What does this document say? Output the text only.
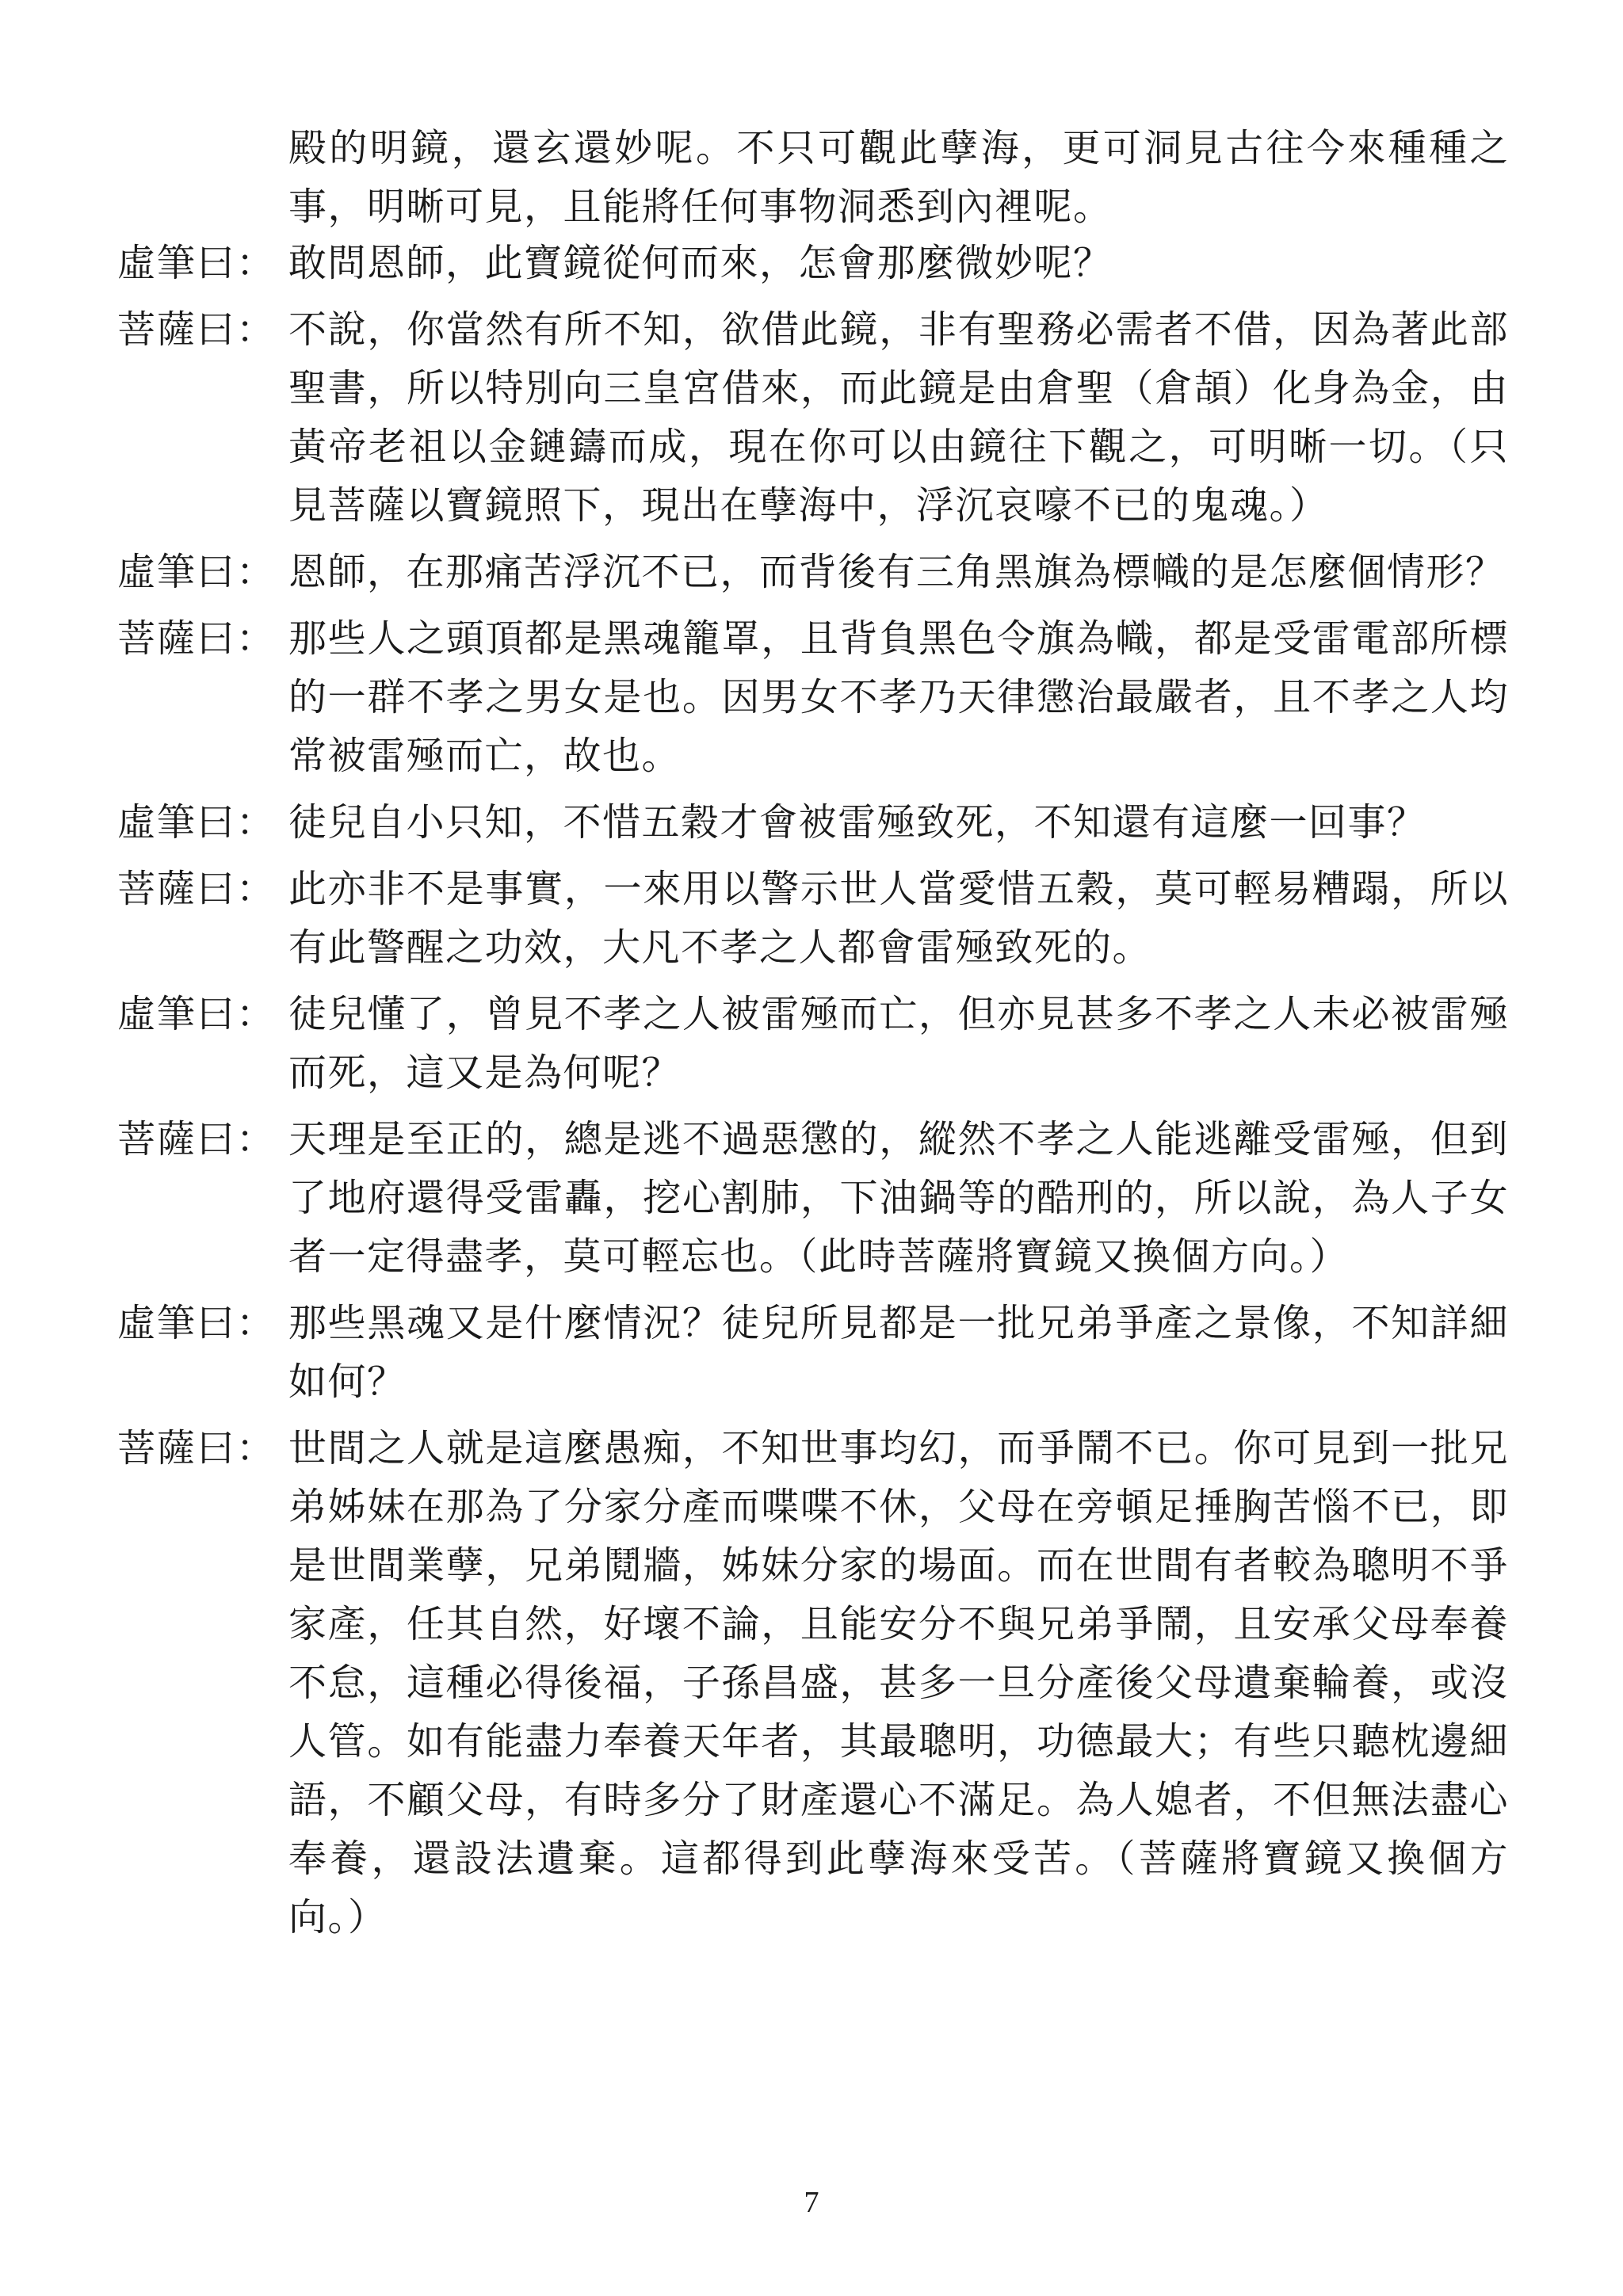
殿的明鏡，還玄還妙呢。不只可觀此孽海，更可洞見古往今來種種之事，明晰可見，且能將任何事物洞悉到內裡呢。
虛筆曰： 敢問恩師，此寶鏡從何而來，怎會那麼微妙呢？
菩薩曰： 不說，你當然有所不知，欲借此鏡，非有聖務必需者不借，因為著此部聖書，所以特別向三皇宮借來，而此鏡是由倉聖（倉頡）化身為金，由黃帝老祖以金鏈鑄而成，現在你可以由鏡往下觀之，可明晰一切。（只見菩薩以寶鏡照下，現出在孽海中，浮沉哀嚎不已的鬼魂。）
虛筆曰： 恩師，在那痛苦浮沉不已，而背後有三角黑旗為標幟的是怎麼個情形？
菩薩曰： 那些人之頭頂都是黑魂籠罩，且背負黑色令旗為幟，都是受雷電部所標的一群不孝之男女是也。因男女不孝乃天律懲治最嚴者，且不孝之人均常被雷殛而亡，故也。
虛筆曰： 徒兒自小只知，不惜五穀才會被雷殛致死，不知還有這麼一回事？
菩薩曰： 此亦非不是事實，一來用以警示世人當愛惜五穀，莫可輕易糟蹋，所以有此警醒之功效，大凡不孝之人都會雷殛致死的。
虛筆曰： 徒兒懂了，曾見不孝之人被雷殛而亡，但亦見甚多不孝之人未必被雷殛而死，這又是為何呢？
菩薩曰： 天理是至正的，總是逃不過惡懲的，縱然不孝之人能逃離受雷殛，但到了地府還得受雷轟，挖心割肺，下油鍋等的酷刑的，所以說，為人子女者一定得盡孝，莫可輕忘也。（此時菩薩將寶鏡又換個方向。）
虛筆曰： 那些黑魂又是什麼情況？徒兒所見都是一批兄弟爭產之景像，不知詳細如何？
菩薩曰： 世間之人就是這麼愚痴，不知世事均幻，而爭鬧不已。你可見到一批兄弟姊妹在那為了分家分產而喋喋不休，父母在旁頓足捶胸苦惱不已，即是世間業孽，兄弟鬩牆，姊妹分家的場面。而在世間有者較為聰明不爭家產，任其自然，好壞不論，且能安分不與兄弟爭鬧，且安承父母奉養不怠，這種必得後福，子孫昌盛，甚多一旦分產後父母遺棄輪養，或沒人管。如有能盡力奉養天年者，其最聰明，功德最大；有些只聽枕邊細語，不顧父母，有時多分了財產還心不滿足。為人媳者，不但無法盡心奉養，還設法遺棄。這都得到此孽海來受苦。（菩薩將寶鏡又換個方向。）
7
